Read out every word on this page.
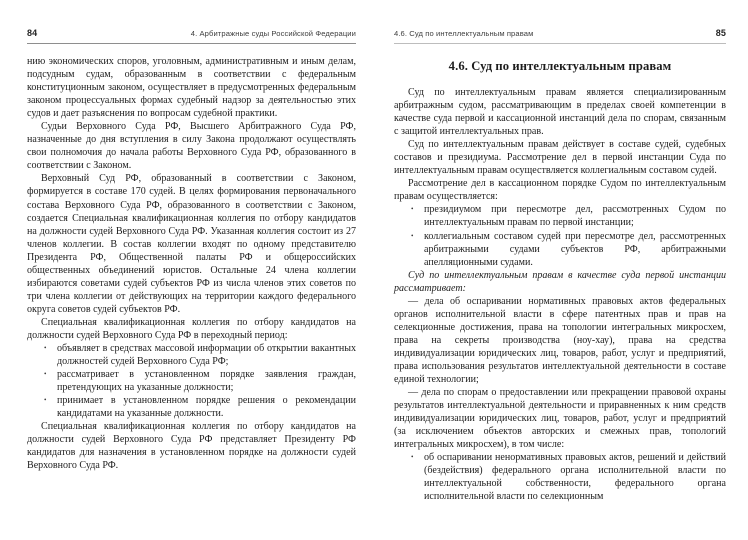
84	4. Арбитражные суды Российской Федерации

нию экономических споров, уголовным, административным и иным делам, подсудным судам, образованным в соответствии с федеральным конституционным законом, осуществляет в предусмотренных федеральным законом процессуальных формах судебный надзор за деятельностью этих судов и дает разъяснения по вопросам судебной практики.

Судьи Верховного Суда РФ, Высшего Арбитражного Суда РФ, назначенные до дня вступления в силу Закона продолжают осуществлять свои полномочия до начала работы Верховного Суда РФ, образованного в соответствии с Законом.

Верховный Суд РФ, образованный в соответствии с Законом, формируется в составе 170 судей. В целях формирования первоначального состава Верховного Суда РФ, образованного в соответствии с Законом, создается Специальная квалификационная коллегия по отбору кандидатов на должности судей Верховного Суда РФ. Указанная коллегия состоит из 27 членов коллегии. В состав коллегии входят по одному представителю Президента РФ, Общественной палаты РФ и общероссийских общественных объединений юристов. Остальные 24 члена коллегии избираются советами судей субъектов РФ из числа членов этих советов по три члена коллегии от действующих на территории каждого федерального округа советов судей субъектов РФ.

Специальная квалификационная коллегия по отбору кандидатов на должности судей Верховного Суда РФ в переходный период:

• объявляет в средствах массовой информации об открытии вакантных должностей судей Верховного Суда РФ;
• рассматривает в установленном порядке заявления граждан, претендующих на указанные должности;
• принимает в установленном порядке решения о рекомендации кандидатами на указанные должности.

Специальная квалификационная коллегия по отбору кандидатов на должности судей Верховного Суда РФ представляет Президенту РФ кандидатов для назначения в установленном порядке на должности судей Верховного Суда РФ.

4.6. Суд по интеллектуальным правам	85
4.6. Суд по интеллектуальным правам

Суд по интеллектуальным правам является специализированным арбитражным судом, рассматривающим в пределах своей компетенции в качестве суда первой и кассационной инстанций дела по спорам, связанным с защитой интеллектуальных прав.

Суд по интеллектуальным правам действует в составе судей, судебных составов и президиума. Рассмотрение дел в первой инстанции Суда по интеллектуальным правам осуществляется коллегиальным составом судей.

Рассмотрение дел в кассационном порядке Судом по интеллектуальным правам осуществляется:

• президиумом при пересмотре дел, рассмотренных Судом по интеллектуальным правам по первой инстанции;
• коллегиальным составом судей при пересмотре дел, рассмотренных арбитражными судами субъектов РФ, арбитражными апелляционными судами.

Суд по интеллектуальным правам в качестве суда первой инстанции рассматривает:

— дела об оспаривании нормативных правовых актов федеральных органов исполнительной власти в сфере патентных прав и прав на селекционные достижения, права на топологии интегральных микросхем, права на секреты производства (ноу-хау), права на средства индивидуализации юридических лиц, товаров, работ, услуг и предприятий, права использования результатов интеллектуальной деятельности в составе единой технологии;

— дела по спорам о предоставлении или прекращении правовой охраны результатов интеллектуальной деятельности и приравненных к ним средств индивидуализации юридических лиц, товаров, работ, услуг и предприятий (за исключением объектов авторских и смежных прав, топологий интегральных микросхем), в том числе:

• об оспаривании ненормативных правовых актов, решений и действий (бездействия) федерального органа исполнительной власти по интеллектуальной собственности, федерального органа исполнительной власти по селекционным
